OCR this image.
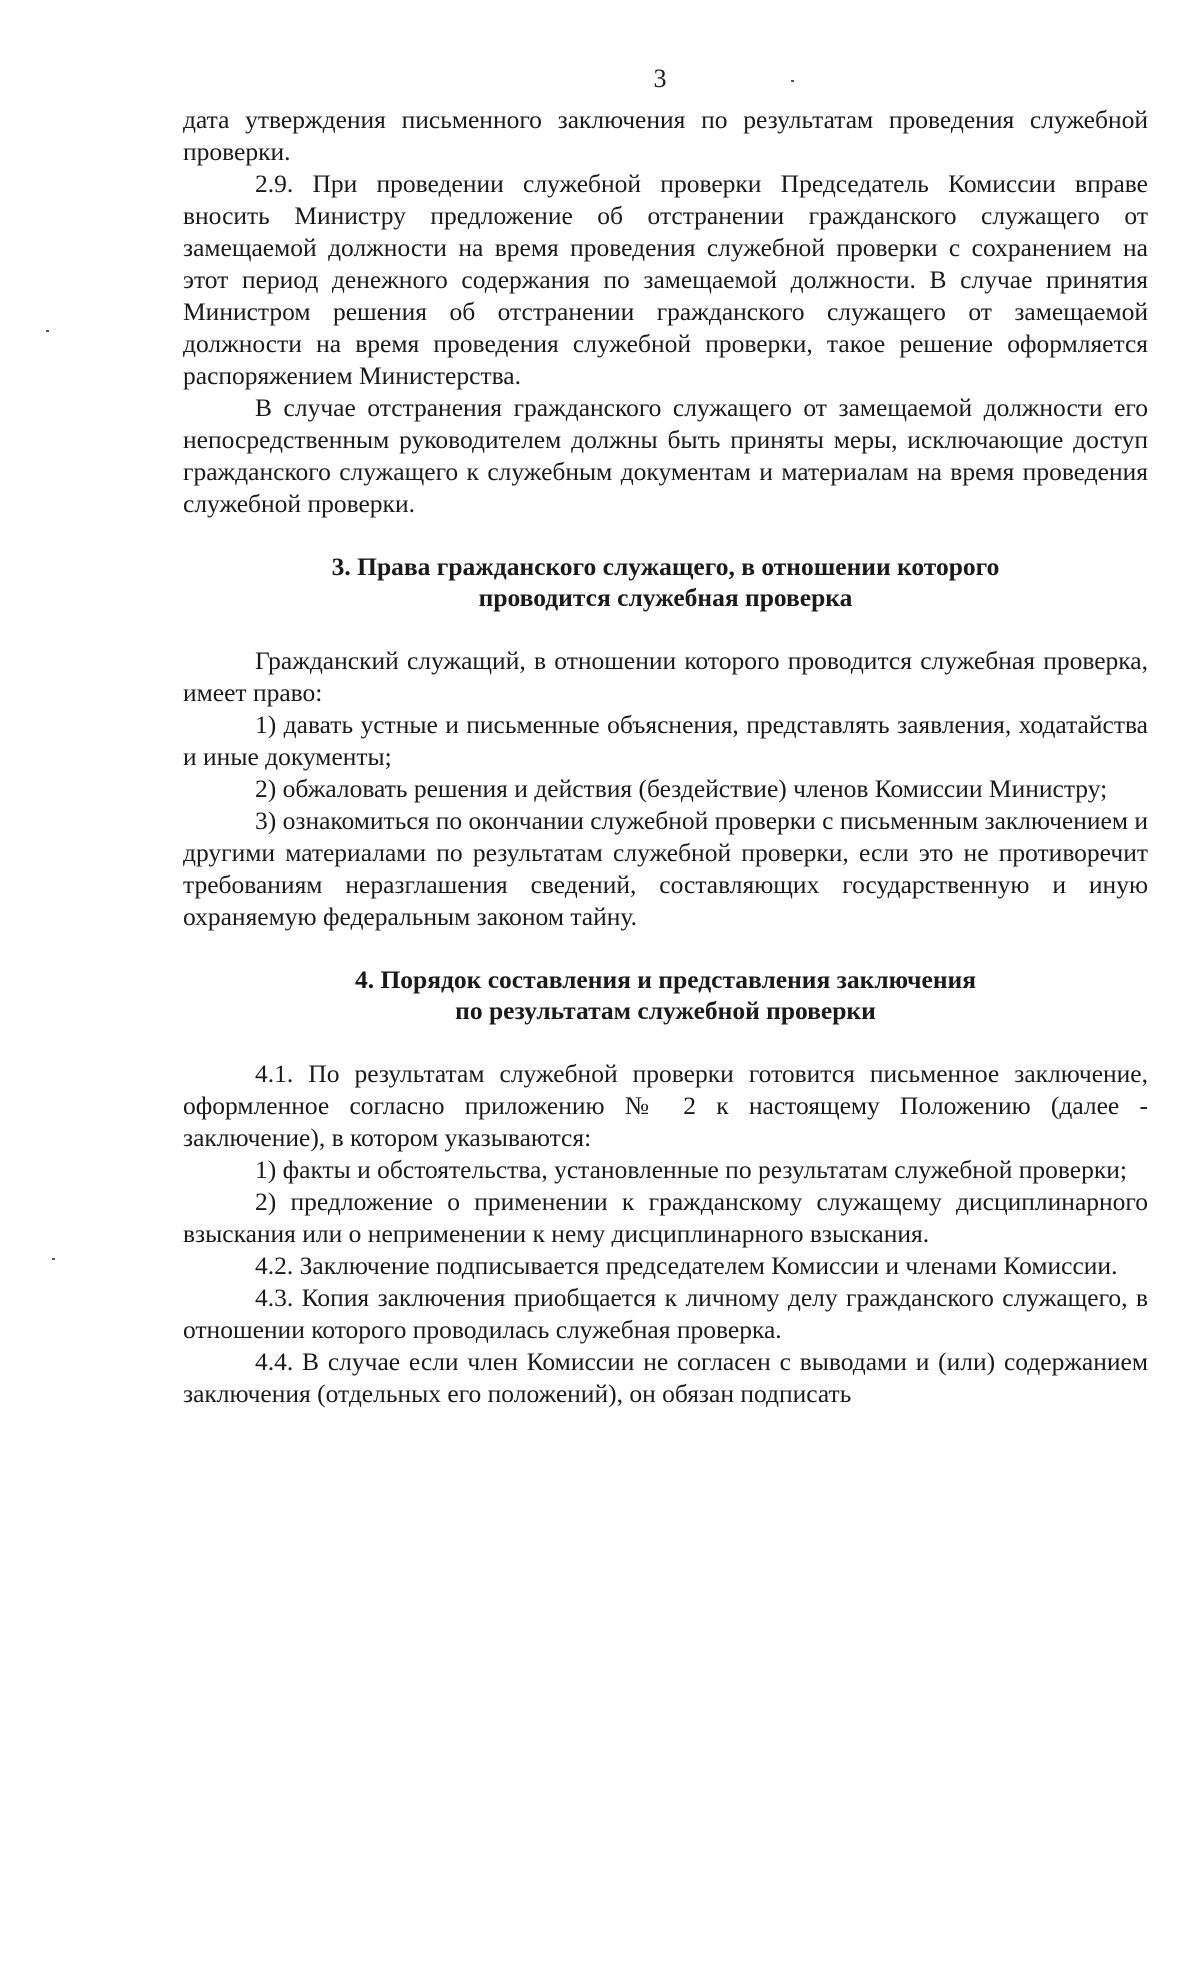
3

дата утверждения письменного заключения по результатам проведения служебной проверки.

2.9. При проведении служебной проверки Председатель Комиссии вправе вносить Министру предложение об отстранении гражданского служащего от замещаемой должности на время проведения служебной проверки с сохранением на этот период денежного содержания по замещаемой должности. В случае принятия Министром решения об отстранении гражданского служащего от замещаемой должности на время проведения служебной проверки, такое решение оформляется распоряжением Министерства.

В случае отстранения гражданского служащего от замещаемой должности его непосредственным руководителем должны быть приняты меры, исключающие доступ гражданского служащего к служебным документам и материалам на время проведения служебной проверки.

3. Права гражданского служащего, в отношении которого
проводится служебная проверка

Гражданский служащий, в отношении которого проводится служебная проверка, имеет право:

1) давать устные и письменные объяснения, представлять заявления, ходатайства и иные документы;

2) обжаловать решения и действия (бездействие) членов Комиссии Министру;

3) ознакомиться по окончании служебной проверки с письменным заключением и другими материалами по результатам служебной проверки, если это не противоречит требованиям неразглашения сведений, составляющих государственную и иную охраняемую федеральным законом тайну.

4. Порядок составления и представления заключения
по результатам служебной проверки

4.1. По результатам служебной проверки готовится письменное заключение, оформленное согласно приложению № 2 к настоящему Положению (далее - заключение), в котором указываются:

1) факты и обстоятельства, установленные по результатам служебной проверки;

2) предложение о применении к гражданскому служащему дисциплинарного взыскания или о неприменении к нему дисциплинарного взыскания.

4.2. Заключение подписывается председателем Комиссии и членами Комиссии.

4.3. Копия заключения приобщается к личному делу гражданского служащего, в отношении которого проводилась служебная проверка.

4.4. В случае если член Комиссии не согласен с выводами и (или) содержанием заключения (отдельных его положений), он обязан подписать
